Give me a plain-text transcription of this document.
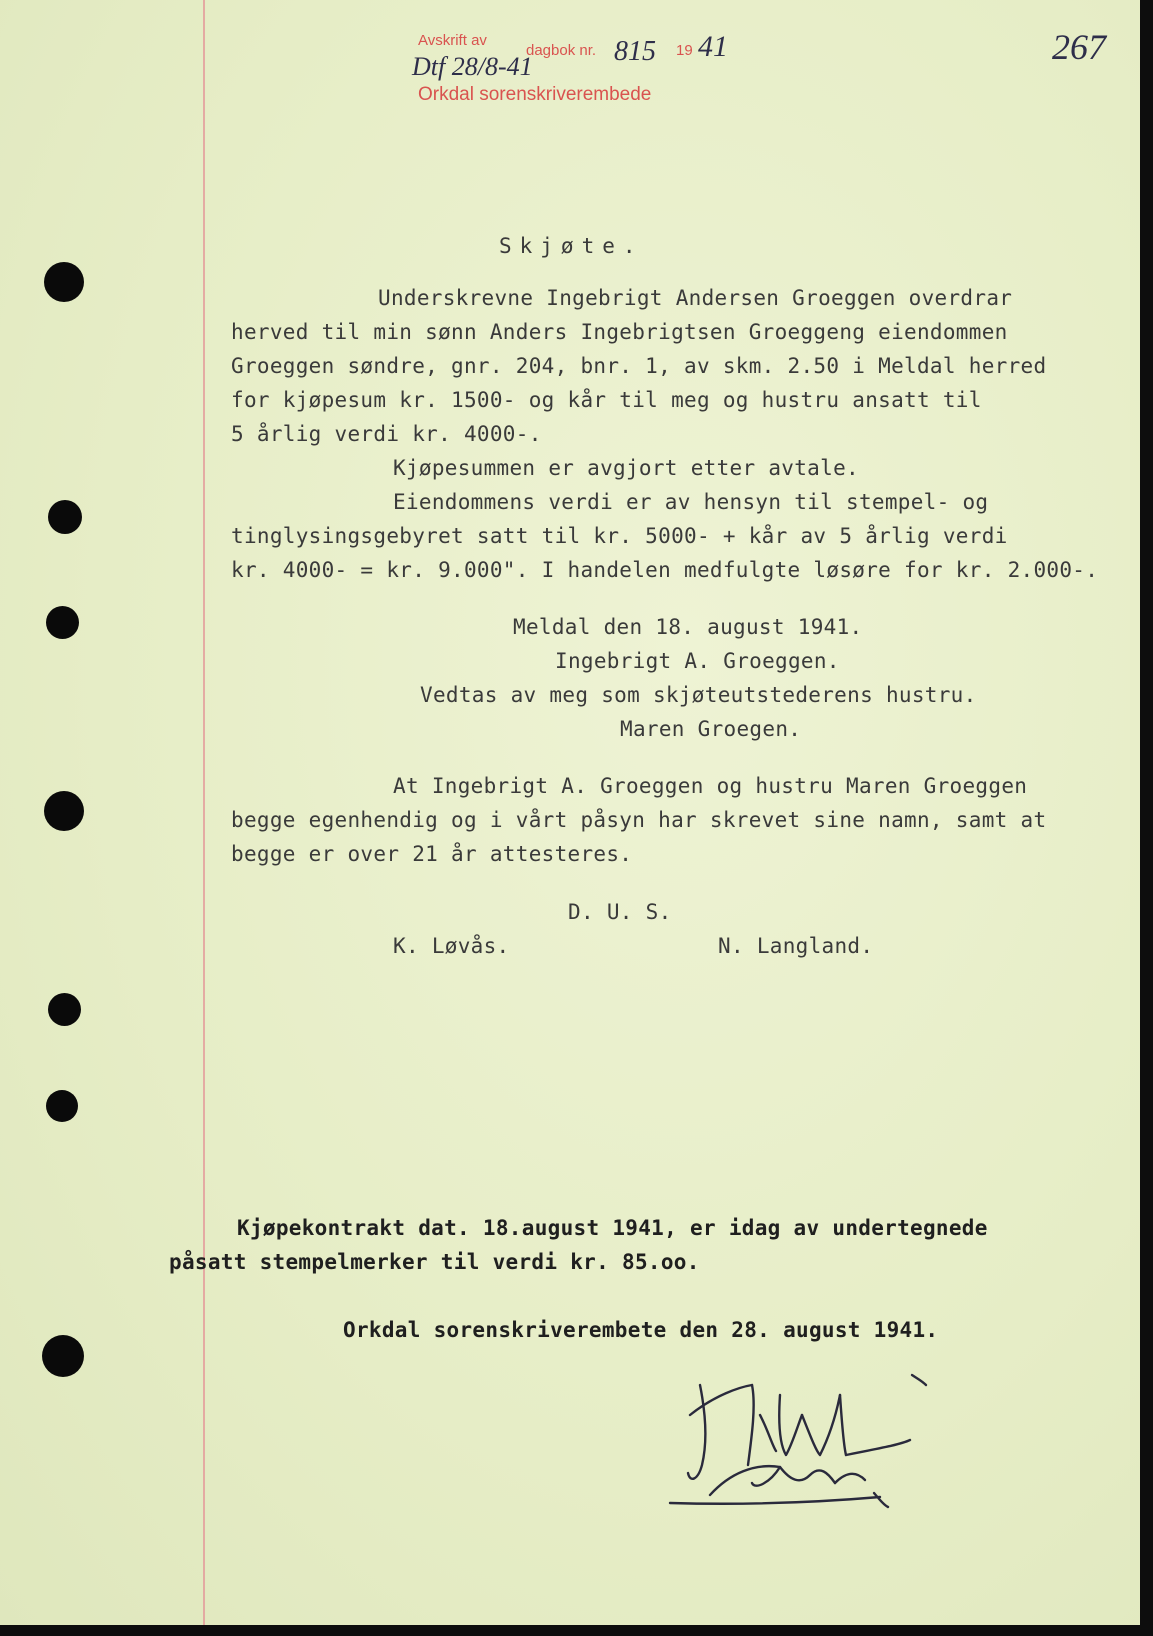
Avskrift av
dagbok nr. 815 19 41
Dtf 28/8-41
Orkdal sorenskriverembede
267
Skjøte.
Underskrevne Ingebrigt Andersen Groeggen overdrar
herved til min sønn Anders Ingebrigtsen Groeggeng eiendommen
Groeggen søndre, gnr. 204, bnr. 1, av skm. 2.50 i Meldal herred
for kjøpesum kr. 1500- og kår til meg og hustru ansatt til
5 årlig verdi kr. 4000-.
Kjøpesummen er avgjort etter avtale.
Eiendommens verdi er av hensyn til stempel- og
tinglysingsgebyret satt til kr. 5000- + kår av 5 årlig verdi
kr. 4000- = kr. 9.000". I handelen medfulgte løsøre for kr. 2.000-.
Meldal den 18. august 1941.
Ingebrigt A. Groeggen.
Vedtas av meg som skjøteutstederens hustru.
Maren Groegen.
At Ingebrigt A. Groeggen og hustru Maren Groeggen
begge egenhendig og i vårt påsyn har skrevet sine namn, samt at
begge er over 21 år attesteres.
D. U. S.
K. Løvås.	N. Langland.
Kjøpekontrakt dat. 18.august 1941, er idag av undertegnede
påsatt stempelmerker til verdi kr. 85.oo.
Orkdal sorenskriverembete den 28. august 1941.
